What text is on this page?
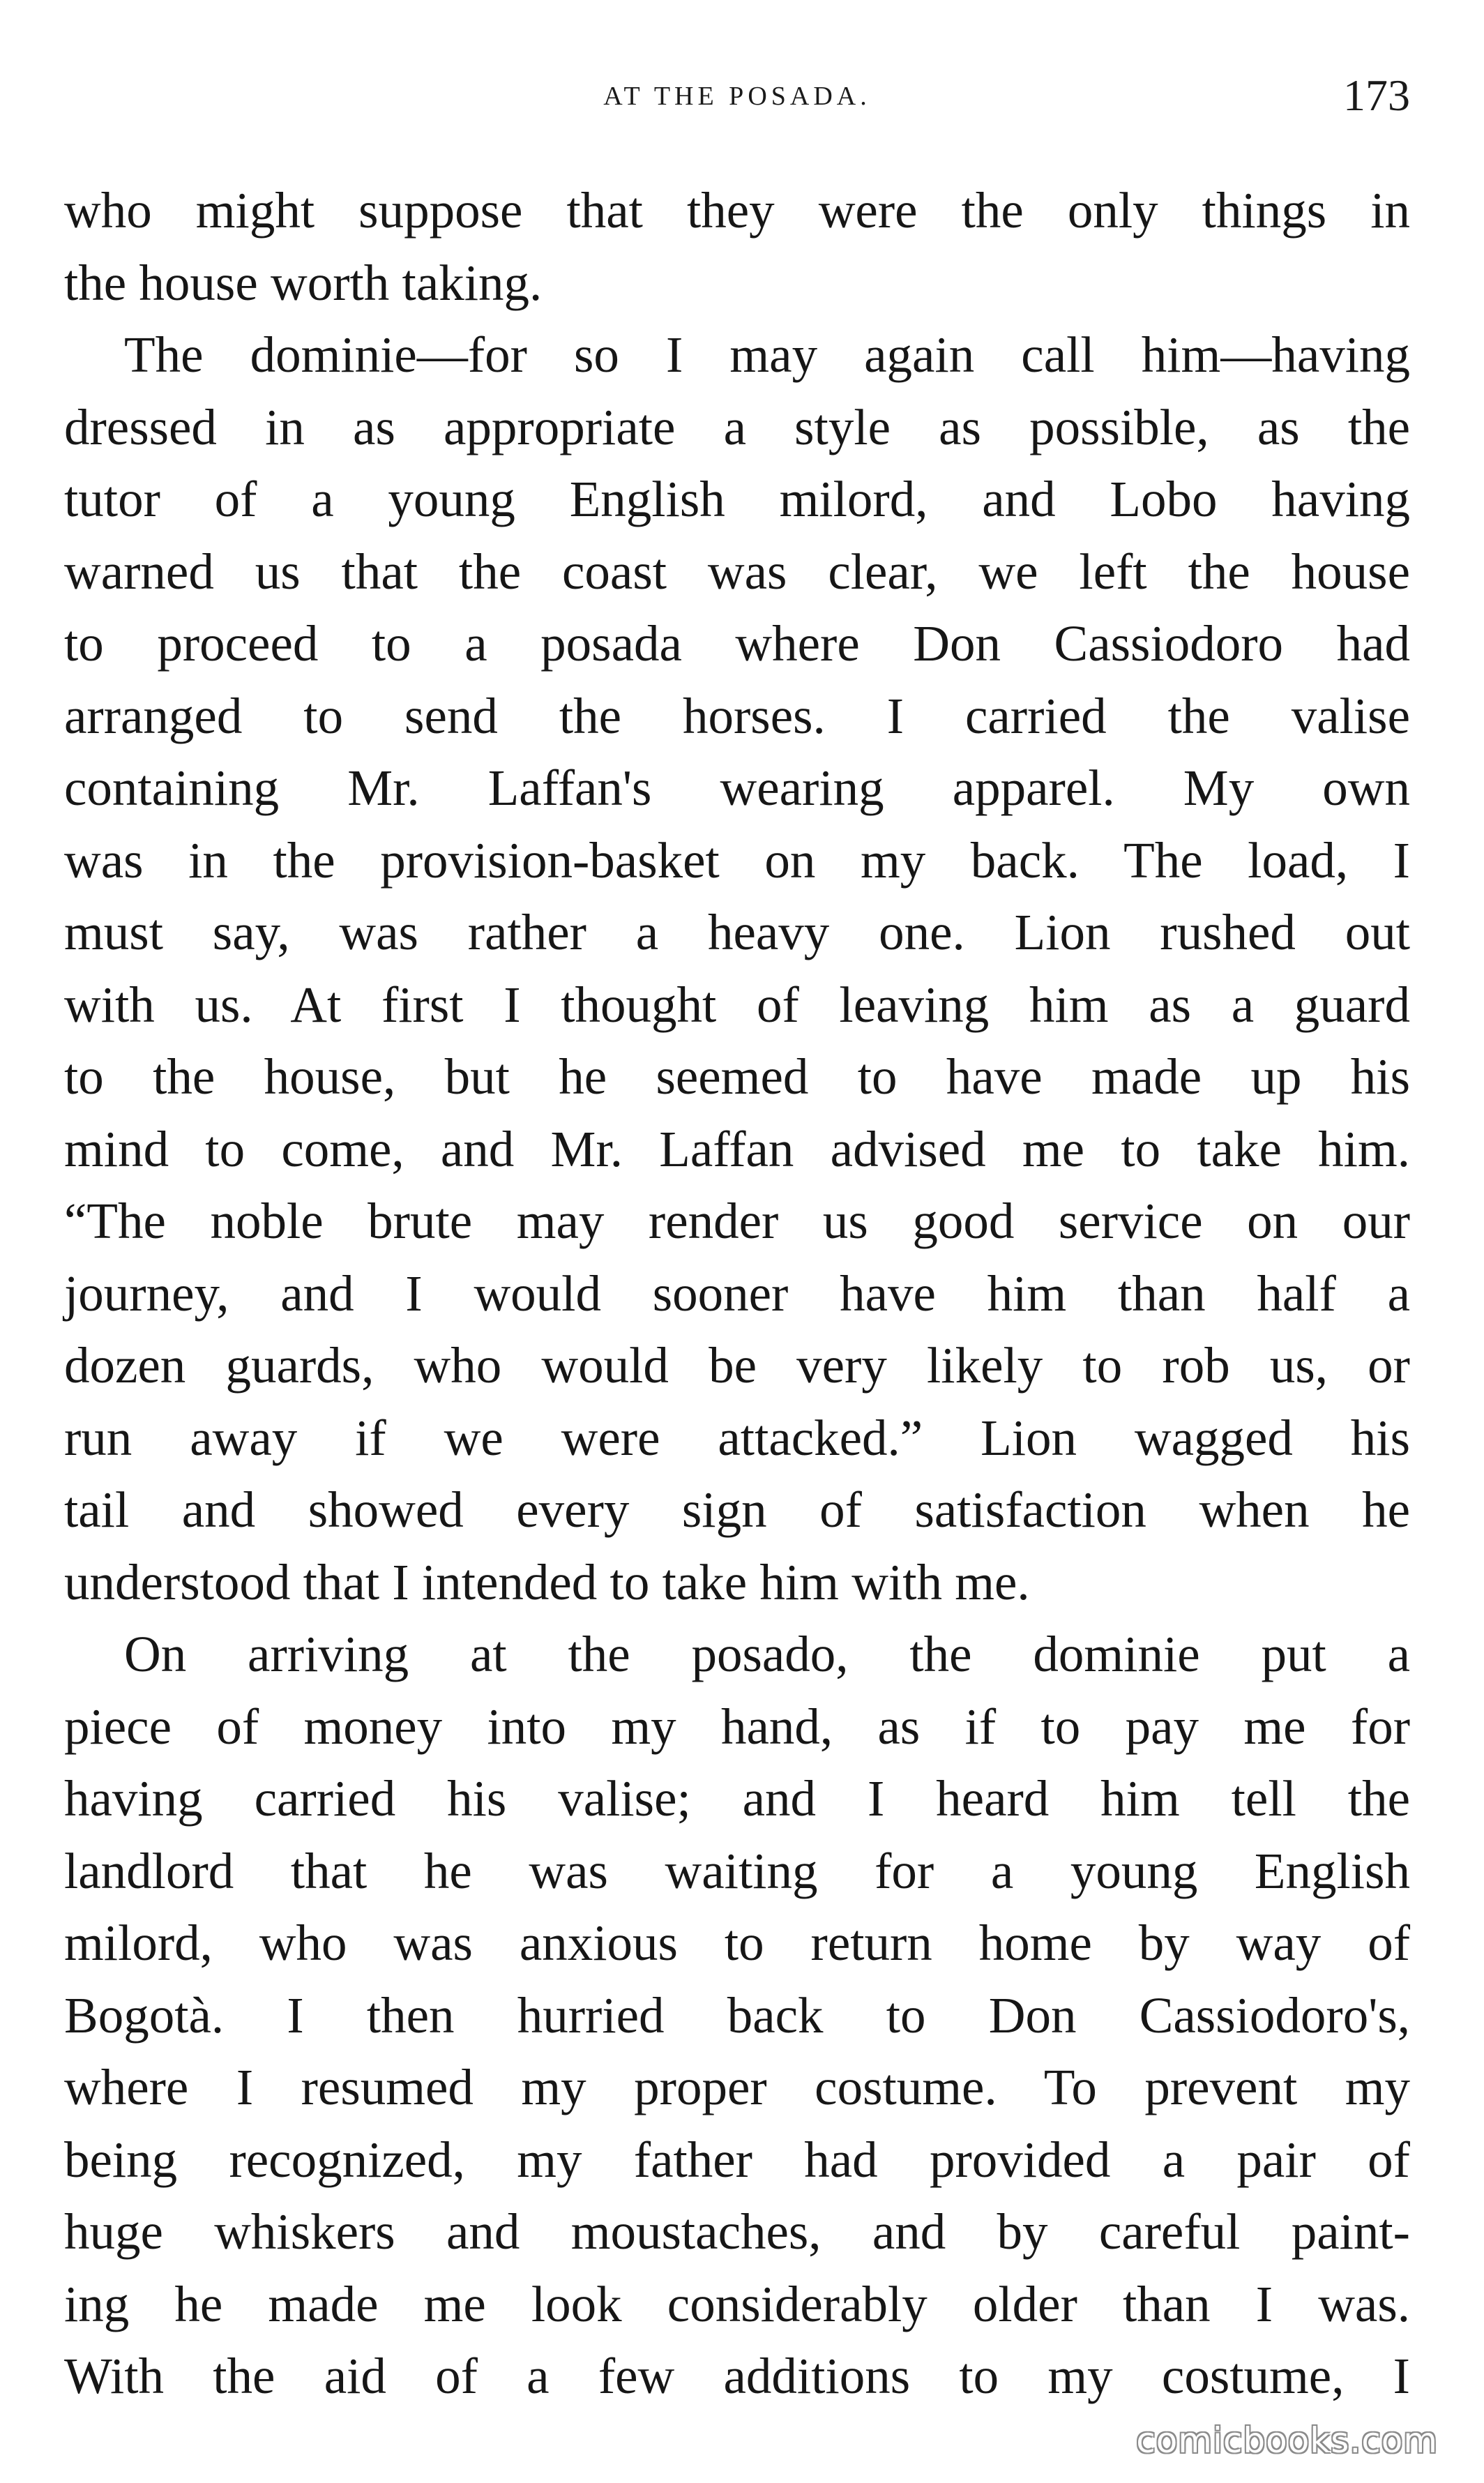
AT THE POSADA.	173
who might suppose that they were the only things in
the house worth taking.
The dominie—for so I may again call him—having
dressed in as appropriate a style as possible, as the
tutor of a young English milord, and Lobo having
warned us that the coast was clear, we left the house
to proceed to a posada where Don Cassiodoro had
arranged to send the horses. I carried the valise
containing Mr. Laffan's wearing apparel. My own
was in the provision-basket on my back. The load, I
must say, was rather a heavy one. Lion rushed out
with us. At first I thought of leaving him as a guard
to the house, but he seemed to have made up his
mind to come, and Mr. Laffan advised me to take him.
“The noble brute may render us good service on our
journey, and I would sooner have him than half a
dozen guards, who would be very likely to rob us, or
run away if we were attacked.” Lion wagged his
tail and showed every sign of satisfaction when he
understood that I intended to take him with me.
On arriving at the posado, the dominie put a
piece of money into my hand, as if to pay me for
having carried his valise; and I heard him tell the
landlord that he was waiting for a young English
milord, who was anxious to return home by way of
Bogotà. I then hurried back to Don Cassiodoro's,
where I resumed my proper costume. To prevent my
being recognized, my father had provided a pair of
huge whiskers and moustaches, and by careful paint-
ing he made me look considerably older than I was.
With the aid of a few additions to my costume, I
comicbooks.com
